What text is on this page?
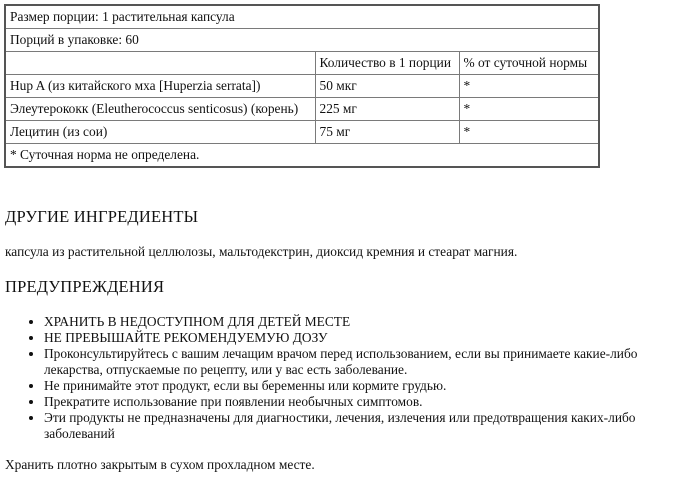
Размер порции: 1 растительная капсула		
Порций в упаковке: 60		
	Количество в 1 порции	% от суточной нормы
Hup A (из китайского мха [Huperzia serrata])	50 мкг	*
Элеутерококк (Eleutherococcus senticosus) (корень)	225 мг	*
Лецитин (из сои)	75 мг	*
* Суточная норма не определена.		
ДРУГИЕ ИНГРЕДИЕНТЫ

капсула из растительной целлюлозы, мальтодекстрин, диоксид кремния и стеарат магния.

ПРЕДУПРЕЖДЕНИЯ
• ХРАНИТЬ В НЕДОСТУПНОМ ДЛЯ ДЕТЕЙ МЕСТЕ
• НЕ ПРЕВЫШАЙТЕ РЕКОМЕНДУЕМУЮ ДОЗУ
• Проконсультируйтесь с вашим лечащим врачом перед использованием, если вы принимаете какие-либо лекарства, отпускаемые по рецепту, или у вас есть заболевание.
• Не принимайте этот продукт, если вы беременны или кормите грудью.
• Прекратите использование при появлении необычных симптомов.
• Эти продукты не предназначены для диагностики, лечения, излечения или предотвращения каких-либо заболеваний

Хранить плотно закрытым в сухом прохладном месте.
